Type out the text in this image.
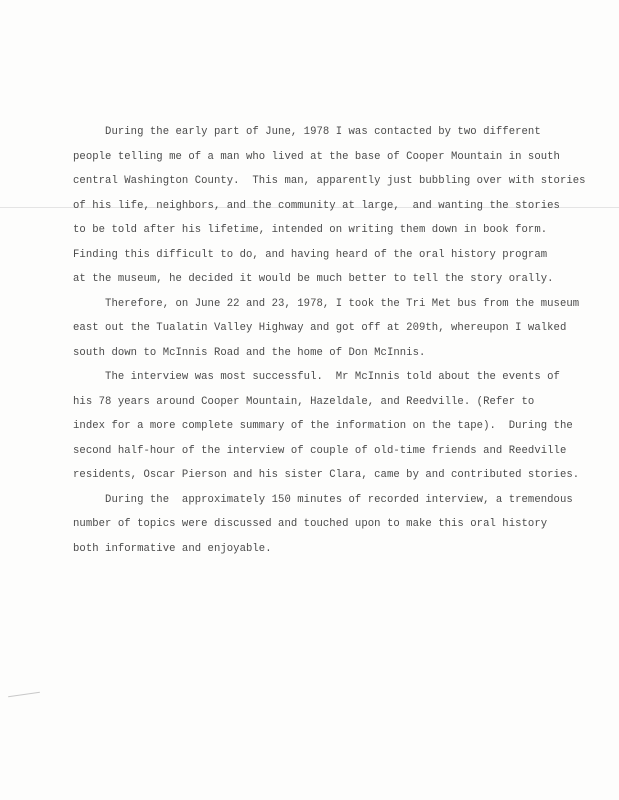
During the early part of June, 1978 I was contacted by two different
people telling me of a man who lived at the base of Cooper Mountain in south
central Washington County.  This man, apparently just bubbling over with stories
of his life, neighbors, and the community at large,  and wanting the stories
to be told after his lifetime, intended on writing them down in book form.
Finding this difficult to do, and having heard of the oral history program
at the museum, he decided it would be much better to tell the story orally.
Therefore, on June 22 and 23, 1978, I took the Tri Met bus from the museum
east out the Tualatin Valley Highway and got off at 209th, whereupon I walked
south down to McInnis Road and the home of Don McInnis.
The interview was most successful.  Mr McInnis told about the events of
his 78 years around Cooper Mountain, Hazeldale, and Reedville. (Refer to
index for a more complete summary of the information on the tape).  During the
second half-hour of the interview of couple of old-time friends and Reedville
residents, Oscar Pierson and his sister Clara, came by and contributed stories.
During the  approximately 150 minutes of recorded interview, a tremendous
number of topics were discussed and touched upon to make this oral history
both informative and enjoyable.
